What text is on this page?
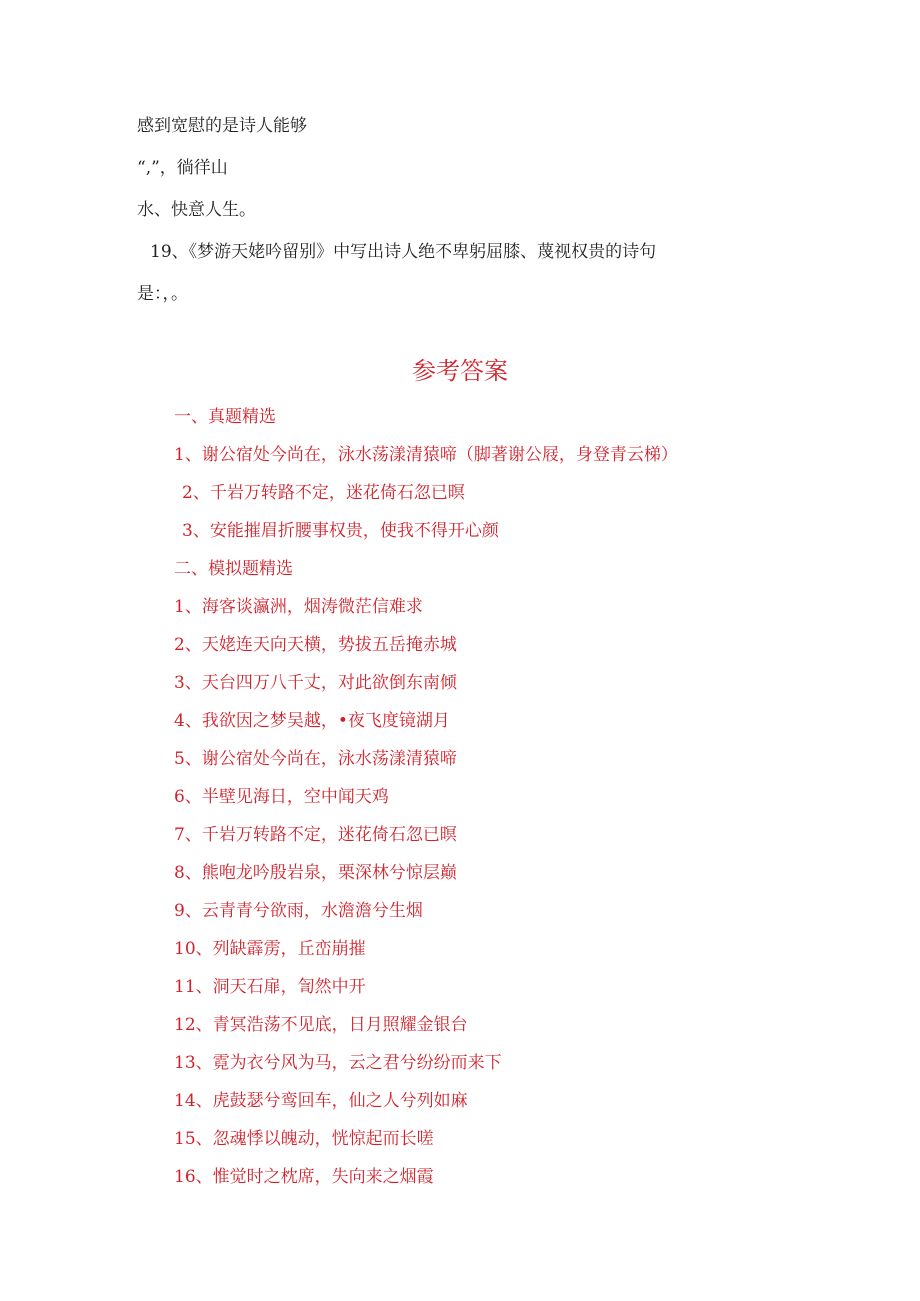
感到宽慰的是诗人能够
“,”，徜徉山
水、快意人生。
19、《梦游天姥吟留别》中写出诗人绝不卑躬屈膝、蔑视权贵的诗句
是：，。
参考答案
一、真题精选
1、谢公宿处今尚在，泳水荡漾清猿啼（脚著谢公屐，身登青云梯）
2、千岩万转路不定，迷花倚石忽已暝
3、安能摧眉折腰事权贵，使我不得开心颜
二、模拟题精选
1、海客谈瀛洲，烟涛微茫信难求
2、天姥连天向天横，势拔五岳掩赤城
3、天台四万八千丈，对此欲倒东南倾
4、我欲因之梦吴越，•夜飞度镜湖月
5、谢公宿处今尚在，泳水荡漾清猿啼
6、半壁见海日，空中闻天鸡
7、千岩万转路不定，迷花倚石忽已暝
8、熊咆龙吟殷岩泉，栗深林兮惊层巅
9、云青青兮欲雨，水澹澹兮生烟
10、列缺霹雳，丘峦崩摧
11、洞天石扉，訇然中开
12、青冥浩荡不见底，日月照耀金银台
13、霓为衣兮风为马，云之君兮纷纷而来下
14、虎鼓瑟兮鸾回车，仙之人兮列如麻
15、忽魂悸以魄动，恍惊起而长嗟
16、惟觉时之枕席，失向来之烟霞
